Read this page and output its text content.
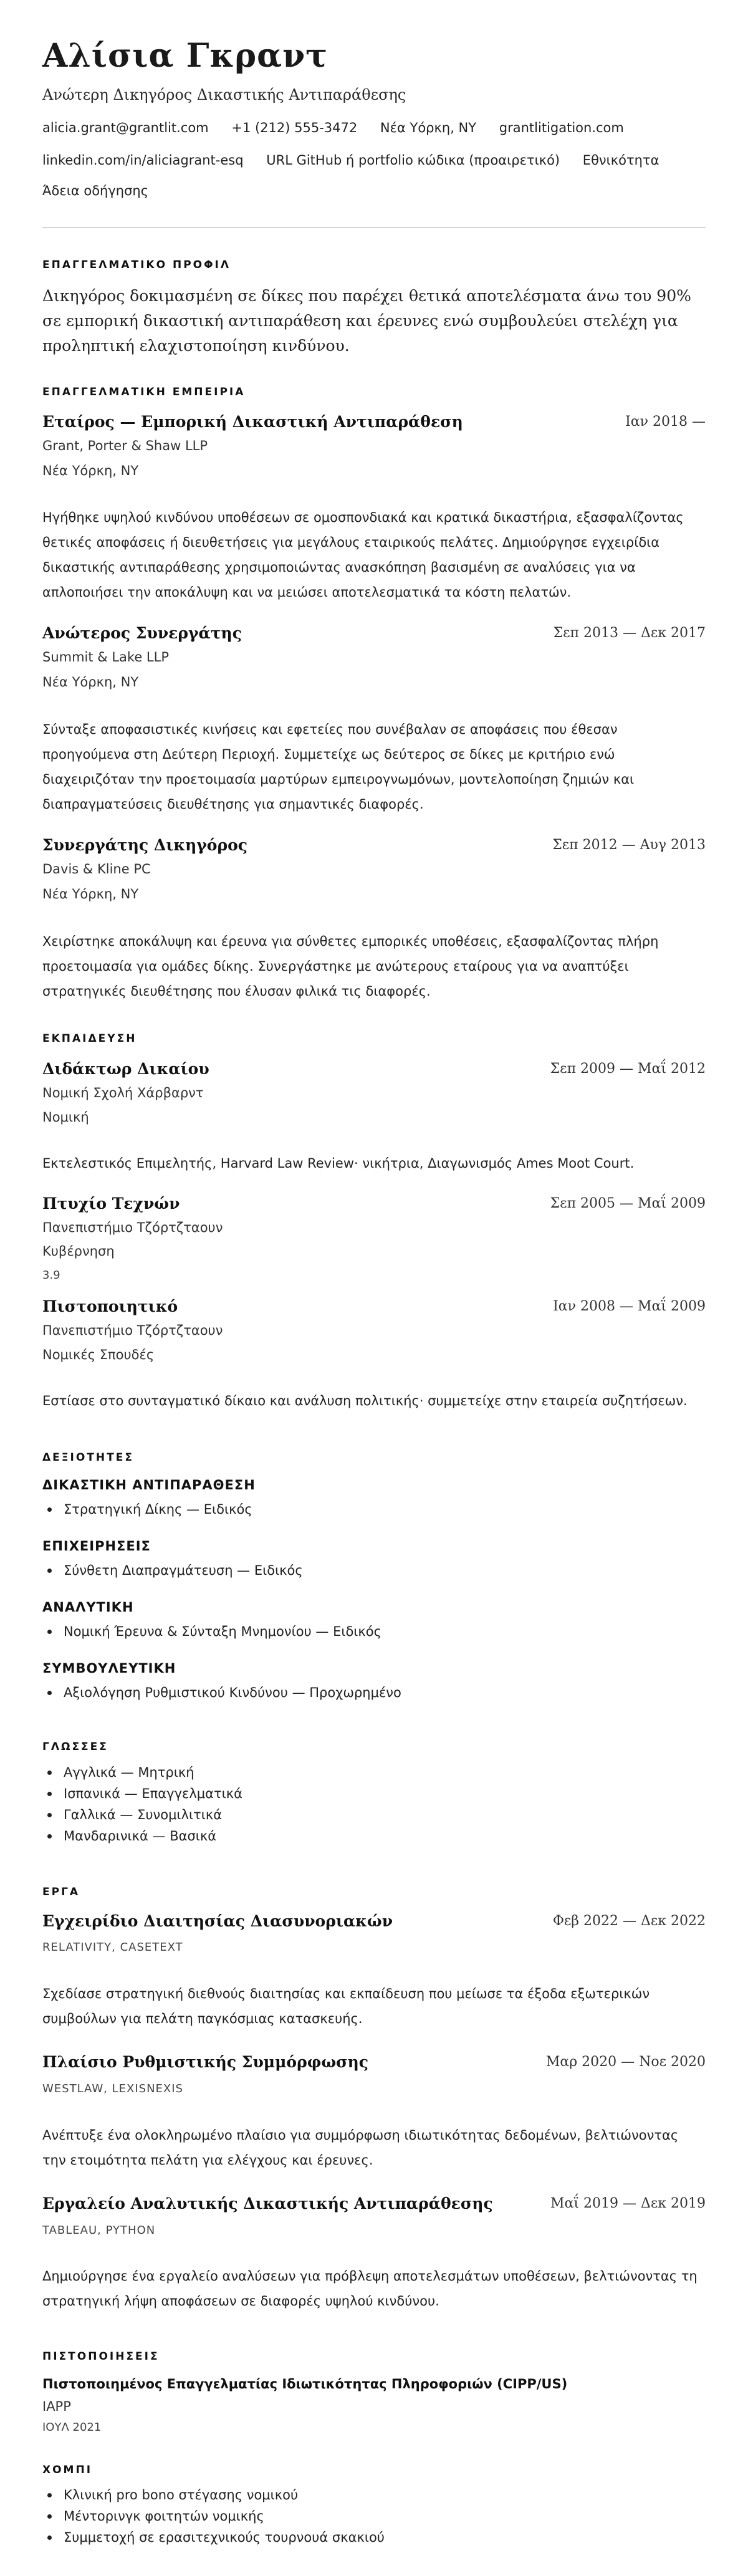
Αλίσια Γκραντ

Ανώτερη Δικηγόρος Δικαστικής Αντιπαράθεσης

alicia.grant@grantlit.com +1 (212) 555-3472 Νέα Υόρκη, NY grantlitigation.com
linkedin.com/in/aliciagrant-esq URL GitHub ή portfolio κώδικα (προαιρετικό) Εθνικότητα
Άδεια οδήγησης
ΕΠΑΓΓΕΛΜΑΤΙΚΟ ΠΡΟΦΙΛ

Δικηγόρος δοκιμασμένη σε δίκες που παρέχει θετικά αποτελέσματα άνω του 90% σε εμπορική δικαστική αντιπαράθεση και έρευνες ενώ συμβουλεύει στελέχη για προληπτική ελαχιστοποίηση κινδύνου.

ΕΠΑΓΓΕΛΜΑΤΙΚΗ ΕΜΠΕΙΡΙΑ
Εταίρος — Εμπορική Δικαστική Αντιπαράθεση	Ιαν 2018 —
Grant, Porter & Shaw LLP
Νέα Υόρκη, NY

Ηγήθηκε υψηλού κινδύνου υποθέσεων σε ομοσπονδιακά και κρατικά δικαστήρια, εξασφαλίζοντας θετικές αποφάσεις ή διευθετήσεις για μεγάλους εταιρικούς πελάτες. Δημιούργησε εγχειρίδια δικαστικής αντιπαράθεσης χρησιμοποιώντας ανασκόπηση βασισμένη σε αναλύσεις για να απλοποιήσει την αποκάλυψη και να μειώσει αποτελεσματικά τα κόστη πελατών.

Ανώτερος Συνεργάτης	Σεπ 2013 — Δεκ 2017
Summit & Lake LLP
Νέα Υόρκη, NY

Σύνταξε αποφασιστικές κινήσεις και εφετείες που συνέβαλαν σε αποφάσεις που έθεσαν προηγούμενα στη Δεύτερη Περιοχή. Συμμετείχε ως δεύτερος σε δίκες με κριτήριο ενώ διαχειριζόταν την προετοιμασία μαρτύρων εμπειρογνωμόνων, μοντελοποίηση ζημιών και διαπραγματεύσεις διευθέτησης για σημαντικές διαφορές.

Συνεργάτης Δικηγόρος	Σεπ 2012 — Αυγ 2013
Davis & Kline PC
Νέα Υόρκη, NY

Χειρίστηκε αποκάλυψη και έρευνα για σύνθετες εμπορικές υποθέσεις, εξασφαλίζοντας πλήρη προετοιμασία για ομάδες δίκης. Συνεργάστηκε με ανώτερους εταίρους για να αναπτύξει στρατηγικές διευθέτησης που έλυσαν φιλικά τις διαφορές.

ΕΚΠΑΙΔΕΥΣΗ
Διδάκτωρ Δικαίου	Σεπ 2009 — Μαΐ 2012
Νομική Σχολή Χάρβαρντ
Νομική

Εκτελεστικός Επιμελητής, Harvard Law Review· νικήτρια, Διαγωνισμός Ames Moot Court.

Πτυχίο Τεχνών	Σεπ 2005 — Μαΐ 2009
Πανεπιστήμιο Τζόρτζταουν
Κυβέρνηση
3.9
Πιστοποιητικό	Ιαν 2008 — Μαΐ 2009
Πανεπιστήμιο Τζόρτζταουν
Νομικές Σπουδές

Εστίασε στο συνταγματικό δίκαιο και ανάλυση πολιτικής· συμμετείχε στην εταιρεία συζητήσεων.

ΔΕΞΙΟΤΗΤΕΣ
ΔΙΚΑΣΤΙΚΗ ΑΝΤΙΠΑΡΑΘΕΣΗ
Στρατηγική Δίκης — Ειδικός
ΕΠΙΧΕΙΡΗΣΕΙΣ
Σύνθετη Διαπραγμάτευση — Ειδικός
ΑΝΑΛΥΤΙΚΗ
Νομική Έρευνα & Σύνταξη Μνημονίου — Ειδικός
ΣΥΜΒΟΥΛΕΥΤΙΚΗ
Αξιολόγηση Ρυθμιστικού Κινδύνου — Προχωρημένο
ΓΛΩΣΣΕΣ
Αγγλικά — Μητρική
Ισπανικά — Επαγγελματικά
Γαλλικά — Συνομιλιτικά
Μανδαρινικά — Βασικά
ΕΡΓΑ
Εγχειρίδιο Διαιτησίας Διασυνοριακών	Φεβ 2022 — Δεκ 2022
RELATIVITY, CASETEXT

Σχεδίασε στρατηγική διεθνούς διαιτησίας και εκπαίδευση που μείωσε τα έξοδα εξωτερικών συμβούλων για πελάτη παγκόσμιας κατασκευής.

Πλαίσιο Ρυθμιστικής Συμμόρφωσης	Μαρ 2020 — Νοε 2020
WESTLAW, LEXISNEXIS

Ανέπτυξε ένα ολοκληρωμένο πλαίσιο για συμμόρφωση ιδιωτικότητας δεδομένων, βελτιώνοντας την ετοιμότητα πελάτη για ελέγχους και έρευνες.

Εργαλείο Αναλυτικής Δικαστικής Αντιπαράθεσης	Μαΐ 2019 — Δεκ 2019
TABLEAU, PYTHON

Δημιούργησε ένα εργαλείο αναλύσεων για πρόβλεψη αποτελεσμάτων υποθέσεων, βελτιώνοντας τη στρατηγική λήψη αποφάσεων σε διαφορές υψηλού κινδύνου.

ΠΙΣΤΟΠΟΙΗΣΕΙΣ
Πιστοποιημένος Επαγγελματίας Ιδιωτικότητας Πληροφοριών (CIPP/US)
IAPP
ΙΟΥΛ 2021
ΧΟΜΠΙ
Κλινική pro bono στέγασης νομικού
Μέντορινγκ φοιτητών νομικής
Συμμετοχή σε ερασιτεχνικούς τουρνουά σκακιού
